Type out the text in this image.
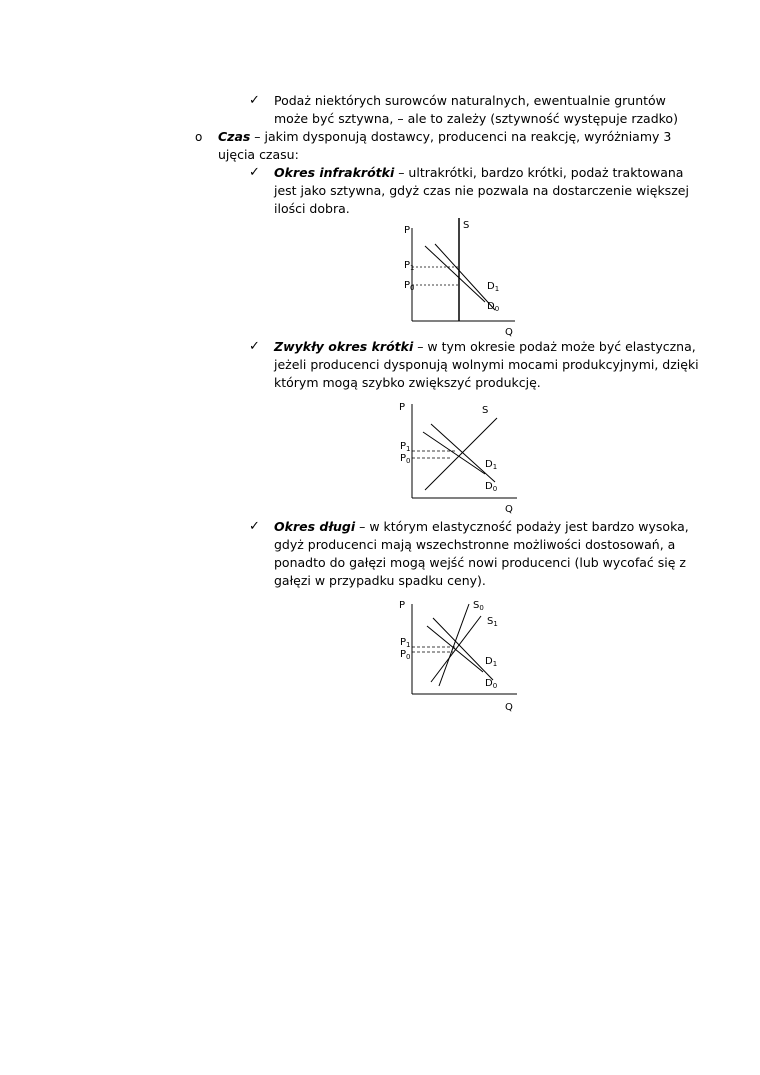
✓ Podaż niektórych surowców naturalnych, ewentualnie gruntów
może być sztywna, – ale to zależy (sztywność występuje rzadko)
o Czas – jakim dysponują dostawcy, producenci na reakcję, wyróżniamy 3
ujęcia czasu:
✓ Okres infrakrótki – ultrakrótki, bardzo krótki, podaż traktowana
jest jako sztywna, gdyż czas nie pozwala na dostarczenie większej
ilości dobra.
P
Q
S
$P_1$
$P_0$	$D_1$
$D_0$
✓ Zwykły okres krótki – w tym okresie podaż może być elastyczna,
jeżeli producenci dysponują wolnymi mocami produkcyjnymi, dzięki
którym mogą szybko zwiększyć produkcję.
P
Q
S
$P_1$
$P_0$	$D_1$
$D_0$
✓ Okres długi – w którym elastyczność podaży jest bardzo wysoka,
gdyż producenci mają wszechstronne możliwości dostosowań, a
ponadto do gałęzi mogą wejść nowi producenci (lub wycofać się z
gałęzi w przypadku spadku ceny).
P
Q
$S_0$
$S_1$
$P_1$
$P_0$	$D_1$
$D_0$
